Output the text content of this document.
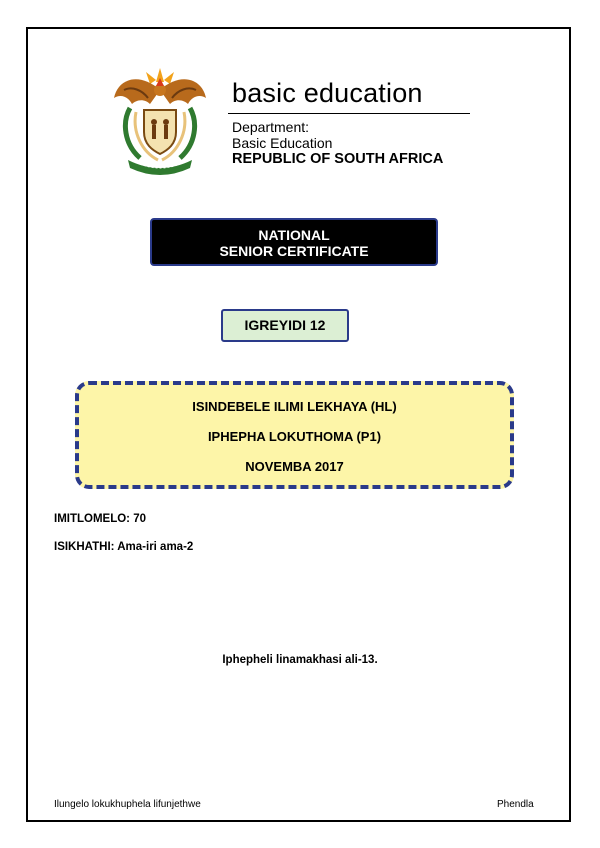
basic education
Department:
Basic Education
REPUBLIC OF SOUTH AFRICA
NATIONAL
SENIOR CERTIFICATE
IGREYIDI 12
ISINDEBELE ILIMI LEKHAYA (HL)
IPHEPHA LOKUTHOMA (P1)
NOVEMBA 2017
IMITLOMELO: 70
ISIKHATHI: Ama-iri ama-2
Iphepheli linamakhasi ali-13.
Ilungelo lokukhuphela lifunjethwe	Phendla
